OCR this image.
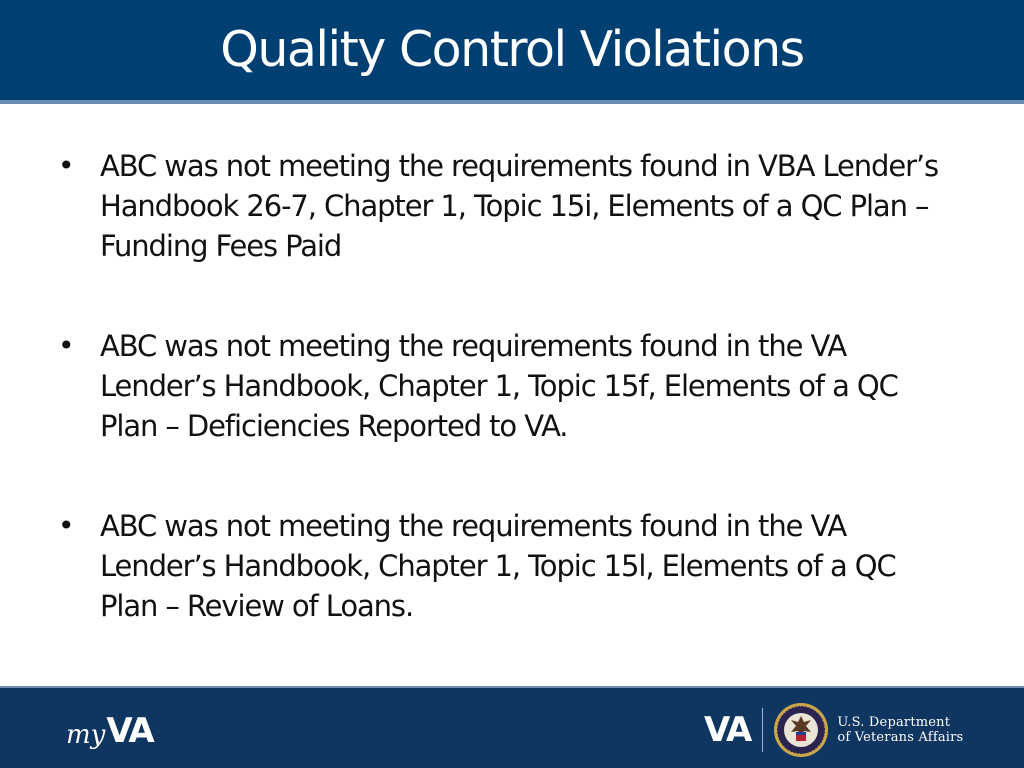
Quality Control Violations
• ABC was not meeting the requirements found in VBA Lender’s Handbook 26-7, Chapter 1, Topic 15i, Elements of a QC Plan – Funding Fees Paid
• ABC was not meeting the requirements found in the VA Lender’s Handbook, Chapter 1, Topic 15f, Elements of a QC Plan – Deficiencies Reported to VA.
• ABC was not meeting the requirements found in the VA Lender’s Handbook, Chapter 1, Topic 15l, Elements of a QC Plan – Review of Loans.
my VA	VA	U.S. Department
of Veterans Affairs
